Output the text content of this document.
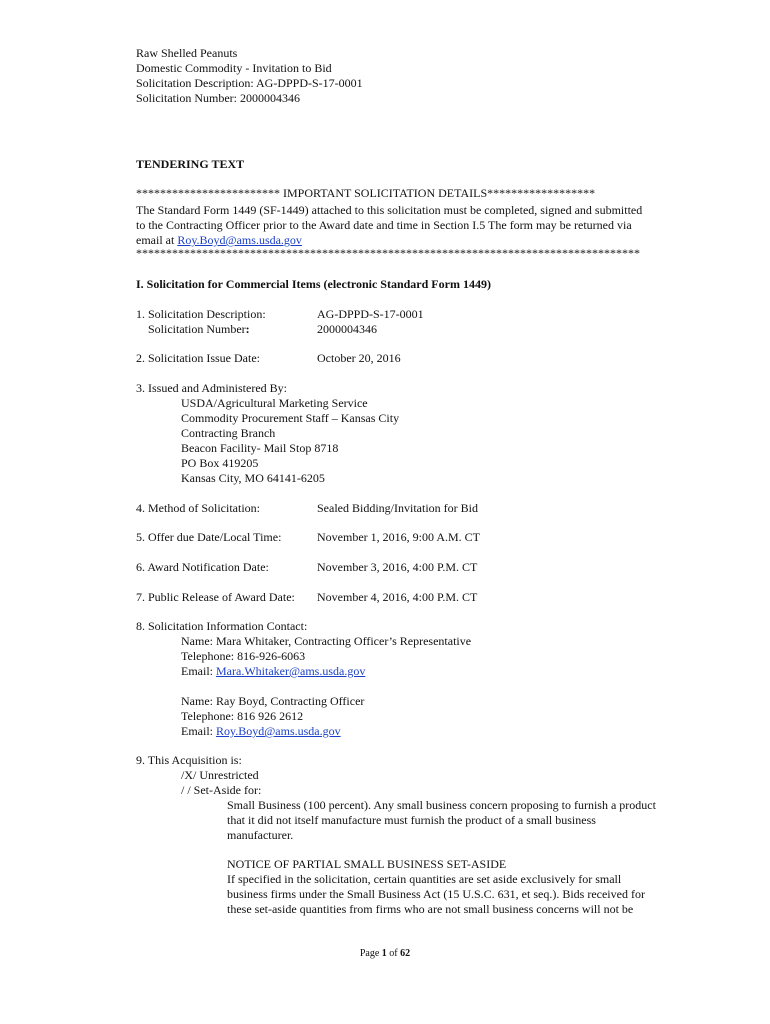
Raw Shelled Peanuts
Domestic Commodity - Invitation to Bid
Solicitation Description: AG-DPPD-S-17-0001
Solicitation Number: 2000004346
TENDERING TEXT
************************ IMPORTANT SOLICITATION DETAILS******************
The Standard Form 1449 (SF-1449) attached to this solicitation must be completed, signed and submitted
to the Contracting Officer prior to the Award date and time in Section I.5 The form may be returned via
email at Roy.Boyd@ams.usda.gov
************************************************************************************
I. Solicitation for Commercial Items (electronic Standard Form 1449)
1. Solicitation Description:	AG-DPPD-S-17-0001
Solicitation Number:	2000004346
2. Solicitation Issue Date:	October 20, 2016
3. Issued and Administered By:
USDA/Agricultural Marketing Service
Commodity Procurement Staff – Kansas City
Contracting Branch
Beacon Facility- Mail Stop 8718
PO Box 419205
Kansas City, MO 64141-6205
4. Method of Solicitation:	Sealed Bidding/Invitation for Bid
5. Offer due Date/Local Time:	November 1, 2016, 9:00 A.M. CT
6. Award Notification Date:	November 3, 2016, 4:00 P.M. CT
7. Public Release of Award Date: November 4, 2016, 4:00 P.M. CT
8. Solicitation Information Contact:
Name: Mara Whitaker, Contracting Officer’s Representative
Telephone: 816-926-6063
Email: Mara.Whitaker@ams.usda.gov
Name: Ray Boyd, Contracting Officer
Telephone: 816 926 2612
Email: Roy.Boyd@ams.usda.gov
9. This Acquisition is:
/X/ Unrestricted
/ / Set-Aside for:
Small Business (100 percent). Any small business concern proposing to furnish a product
that it did not itself manufacture must furnish the product of a small business
manufacturer.
NOTICE OF PARTIAL SMALL BUSINESS SET-ASIDE
If specified in the solicitation, certain quantities are set aside exclusively for small
business firms under the Small Business Act (15 U.S.C. 631, et seq.). Bids received for
these set-aside quantities from firms who are not small business concerns will not be
Page 1 of 62
